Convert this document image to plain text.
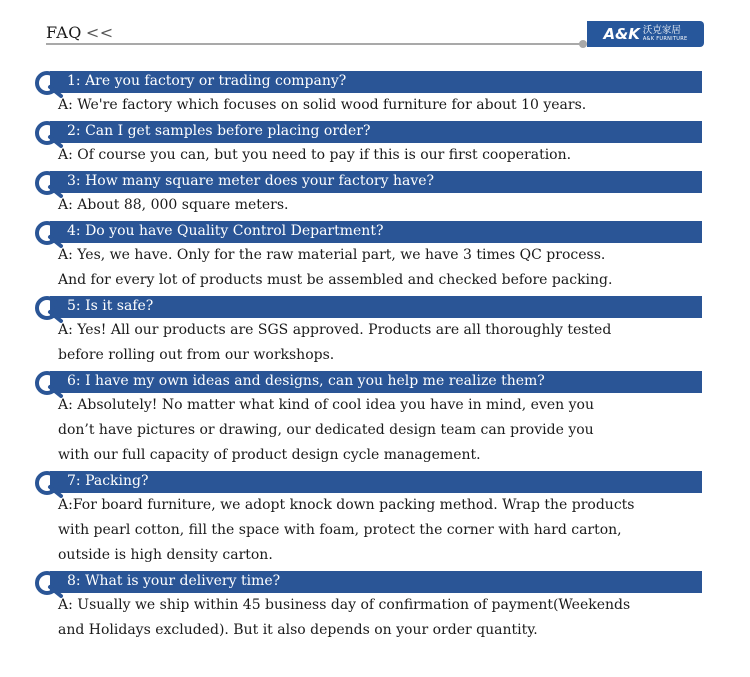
FAQ <<	A&K 沃克家居
A&K FURNITURE
1: Are you factory or trading company?
A: We're factory which focuses on solid wood furniture for about 10 years.
2: Can I get samples before placing order?
A: Of course you can, but you need to pay if this is our first cooperation.
3: How many square meter does your factory have?
A: About 88, 000 square meters.
4: Do you have Quality Control Department?
A: Yes, we have. Only for the raw material part, we have 3 times QC process.
And for every lot of products must be assembled and checked before packing.
5: Is it safe?
A: Yes! All our products are SGS approved. Products are all thoroughly tested
before rolling out from our workshops.
6: I have my own ideas and designs, can you help me realize them?
A: Absolutely! No matter what kind of cool idea you have in mind, even you
don’t have pictures or drawing, our dedicated design team can provide you
with our full capacity of product design cycle management.
7: Packing?
A:For board furniture, we adopt knock down packing method. Wrap the products
with pearl cotton, fill the space with foam, protect the corner with hard carton,
outside is high density carton.
8: What is your delivery time?
A: Usually we ship within 45 business day of confirmation of payment(Weekends
and Holidays excluded). But it also depends on your order quantity.
